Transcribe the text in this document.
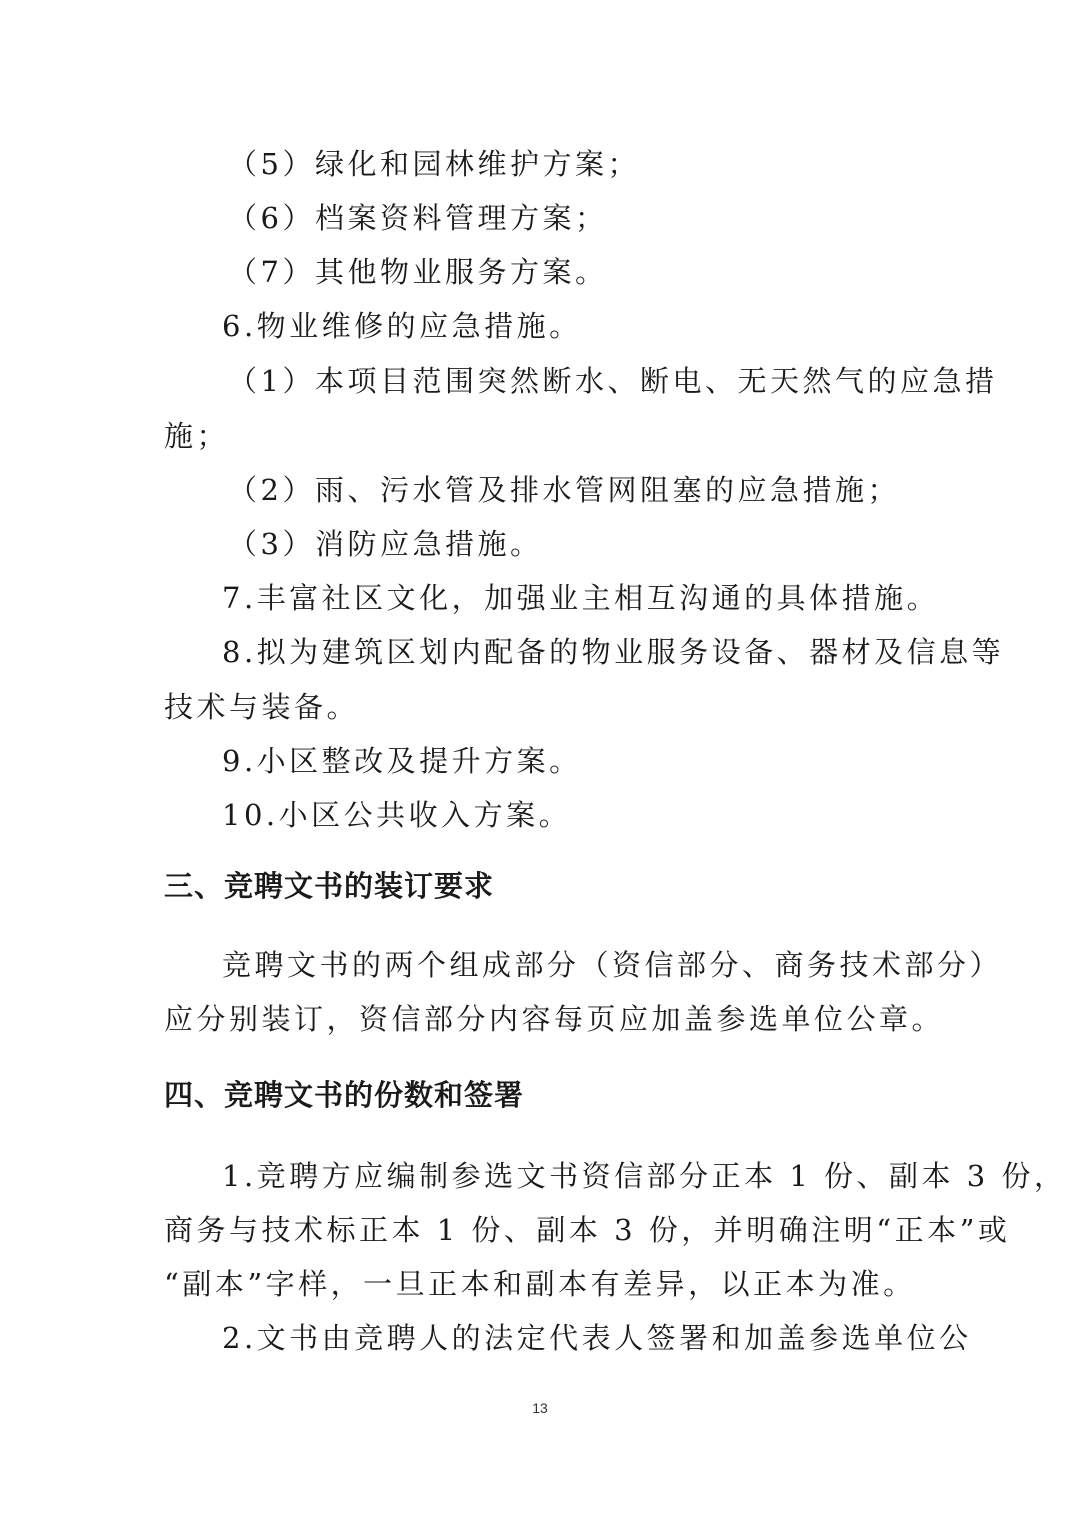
（5）绿化和园林维护方案；
（6）档案资料管理方案；
（7）其他物业服务方案。
6.物业维修的应急措施。
（1）本项目范围突然断水、断电、无天然气的应急措
施；
（2）雨、污水管及排水管网阻塞的应急措施；
（3）消防应急措施。
7.丰富社区文化，加强业主相互沟通的具体措施。
8.拟为建筑区划内配备的物业服务设备、器材及信息等
技术与装备。
9.小区整改及提升方案。
10.小区公共收入方案。
三、竞聘文书的装订要求
竞聘文书的两个组成部分（资信部分、商务技术部分）
应分别装订，资信部分内容每页应加盖参选单位公章。
四、竞聘文书的份数和签署
1.竞聘方应编制参选文书资信部分正本 1 份、副本 3 份，
商务与技术标正本 1 份、副本 3 份，并明确注明“正本”或
“副本”字样，一旦正本和副本有差异，以正本为准。
2.文书由竞聘人的法定代表人签署和加盖参选单位公
13
